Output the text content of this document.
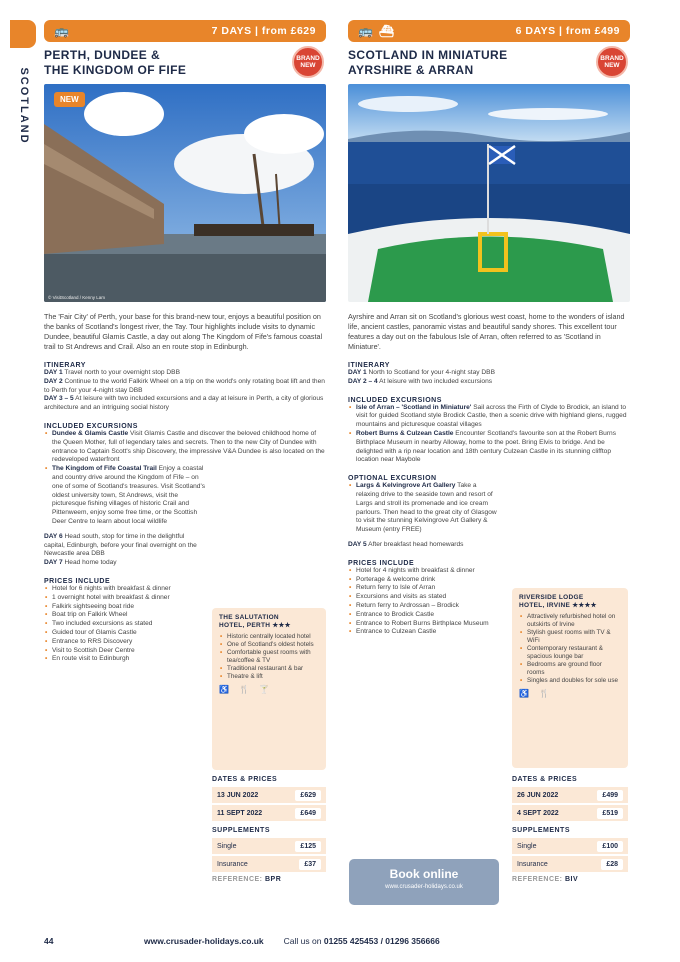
SCOTLAND
🚌	7 DAYS | from £629
PERTH, DUNDEE &
THE KINGDOM OF FIFE
BRAND NEW
NEW
© VisitScotland / Kenny Lam
The 'Fair City' of Perth, your base for this brand-new tour, enjoys a beautiful position on the banks of Scotland's longest river, the Tay. Tour highlights include visits to dynamic Dundee, beautiful Glamis Castle, a day out along The Kingdom of Fife's famous coastal trail to St Andrews and Crail. Also an en route stop in Edinburgh.
ITINERARY
DAY 1 Travel north to your overnight stop DBB
DAY 2 Continue to the world Falkirk Wheel on a trip on the world's only rotating boat lift and then to Perth for your 4-night stay DBB
DAY 3 – 5 At leisure with two included excursions and a day at leisure in Perth, a city of glorious architecture and an intriguing social history
INCLUDED EXCURSIONS
• Dundee & Glamis Castle Visit Glamis Castle and discover the beloved childhood home of the Queen Mother, full of legendary tales and secrets. Then to the new City of Dundee with entrance to Captain Scott's ship Discovery, the impressive V&A Dundee is also located on the redeveloped waterfront
• The Kingdom of Fife Coastal Trail Enjoy a coastal and country drive around the Kingdom of Fife – on one of some of Scotland's treasures. Visit Scotland's oldest university town, St Andrews, visit the picturesque fishing villages of historic Crail and Pittenweem, enjoy some free time, or the Scottish Deer Centre to learn about local wildlife
DAY 6 Head south, stop for time in the delightful capital, Edinburgh, before your final overnight on the Newcastle area DBB
DAY 7 Head home today
PRICES INCLUDE
• Hotel for 6 nights with breakfast & dinner
• 1 overnight hotel with breakfast & dinner
• Falkirk sightseeing boat ride
• Boat trip on Falkirk Wheel
• Two included excursions as stated
• Guided tour of Glamis Castle
• Entrance to RRS Discovery
• Visit to Scottish Deer Centre
• En route visit to Edinburgh
THE SALUTATION
HOTEL, PERTH ★★★
• Historic centrally located hotel
• One of Scotland's oldest hotels
• Comfortable guest rooms with tea/coffee & TV
• Traditional restaurant & bar
• Theatre & lift
♿ 🍴 🍸
DATES & PRICES
13 JUN 2022	£629
11 SEPT 2022	£649
SUPPLEMENTS
Single	£125
Insurance	£37
REFERENCE: BPR
🚌 ⛴	6 DAYS | from £499
SCOTLAND IN MINIATURE
AYRSHIRE & ARRAN
BRAND NEW
Ayrshire and Arran sit on Scotland's glorious west coast, home to the wonders of island life, ancient castles, panoramic vistas and beautiful sandy shores. This excellent tour features a day out on the fabulous Isle of Arran, often referred to as 'Scotland in Miniature'.
ITINERARY
DAY 1 North to Scotland for your 4-night stay DBB
DAY 2 – 4 At leisure with two included excursions
INCLUDED EXCURSIONS
• Isle of Arran – 'Scotland in Miniature' Sail across the Firth of Clyde to Brodick, an island to visit for guided Scotland style Brodick Castle, then a scenic drive with highland glens, rugged mountains and picturesque coastal villages
• Robert Burns & Culzean Castle Encounter Scotland's favourite son at the Robert Burns Birthplace Museum in nearby Alloway, home to the poet. Bring Elvis to bridge. And be delighted with a rip near location and 18th century Culzean Castle in its stunning clifftop location near Maybole
OPTIONAL EXCURSION
• Largs & Kelvingrove Art Gallery Take a relaxing drive to the seaside town and resort of Largs and stroll its promenade and ice cream parlours. Then head to the great city of Glasgow to visit the stunning Kelvingrove Art Gallery & Museum (entry FREE)
DAY 5 After breakfast head homewards
PRICES INCLUDE
• Hotel for 4 nights with breakfast & dinner
• Porterage & welcome drink
• Return ferry to Isle of Arran
• Excursions and visits as stated
• Return ferry to Ardrossan – Brodick
• Entrance to Brodick Castle
• Entrance to Robert Burns Birthplace Museum
• Entrance to Culzean Castle
Book online
www.crusader-holidays.co.uk
RIVERSIDE LODGE
HOTEL, IRVINE ★★★★
• Attractively refurbished hotel on outskirts of Irvine
• Stylish guest rooms with TV & WiFi
• Contemporary restaurant & spacious lounge bar
• Bedrooms are ground floor rooms
• Singles and doubles for sole use
♿ 🍴
DATES & PRICES
26 JUN 2022	£499
4 SEPT 2022	£519
SUPPLEMENTS
Single	£100
Insurance	£28
REFERENCE: BIV
44	www.crusader-holidays.co.uk Call us on 01255 425453 / 01296 356666
